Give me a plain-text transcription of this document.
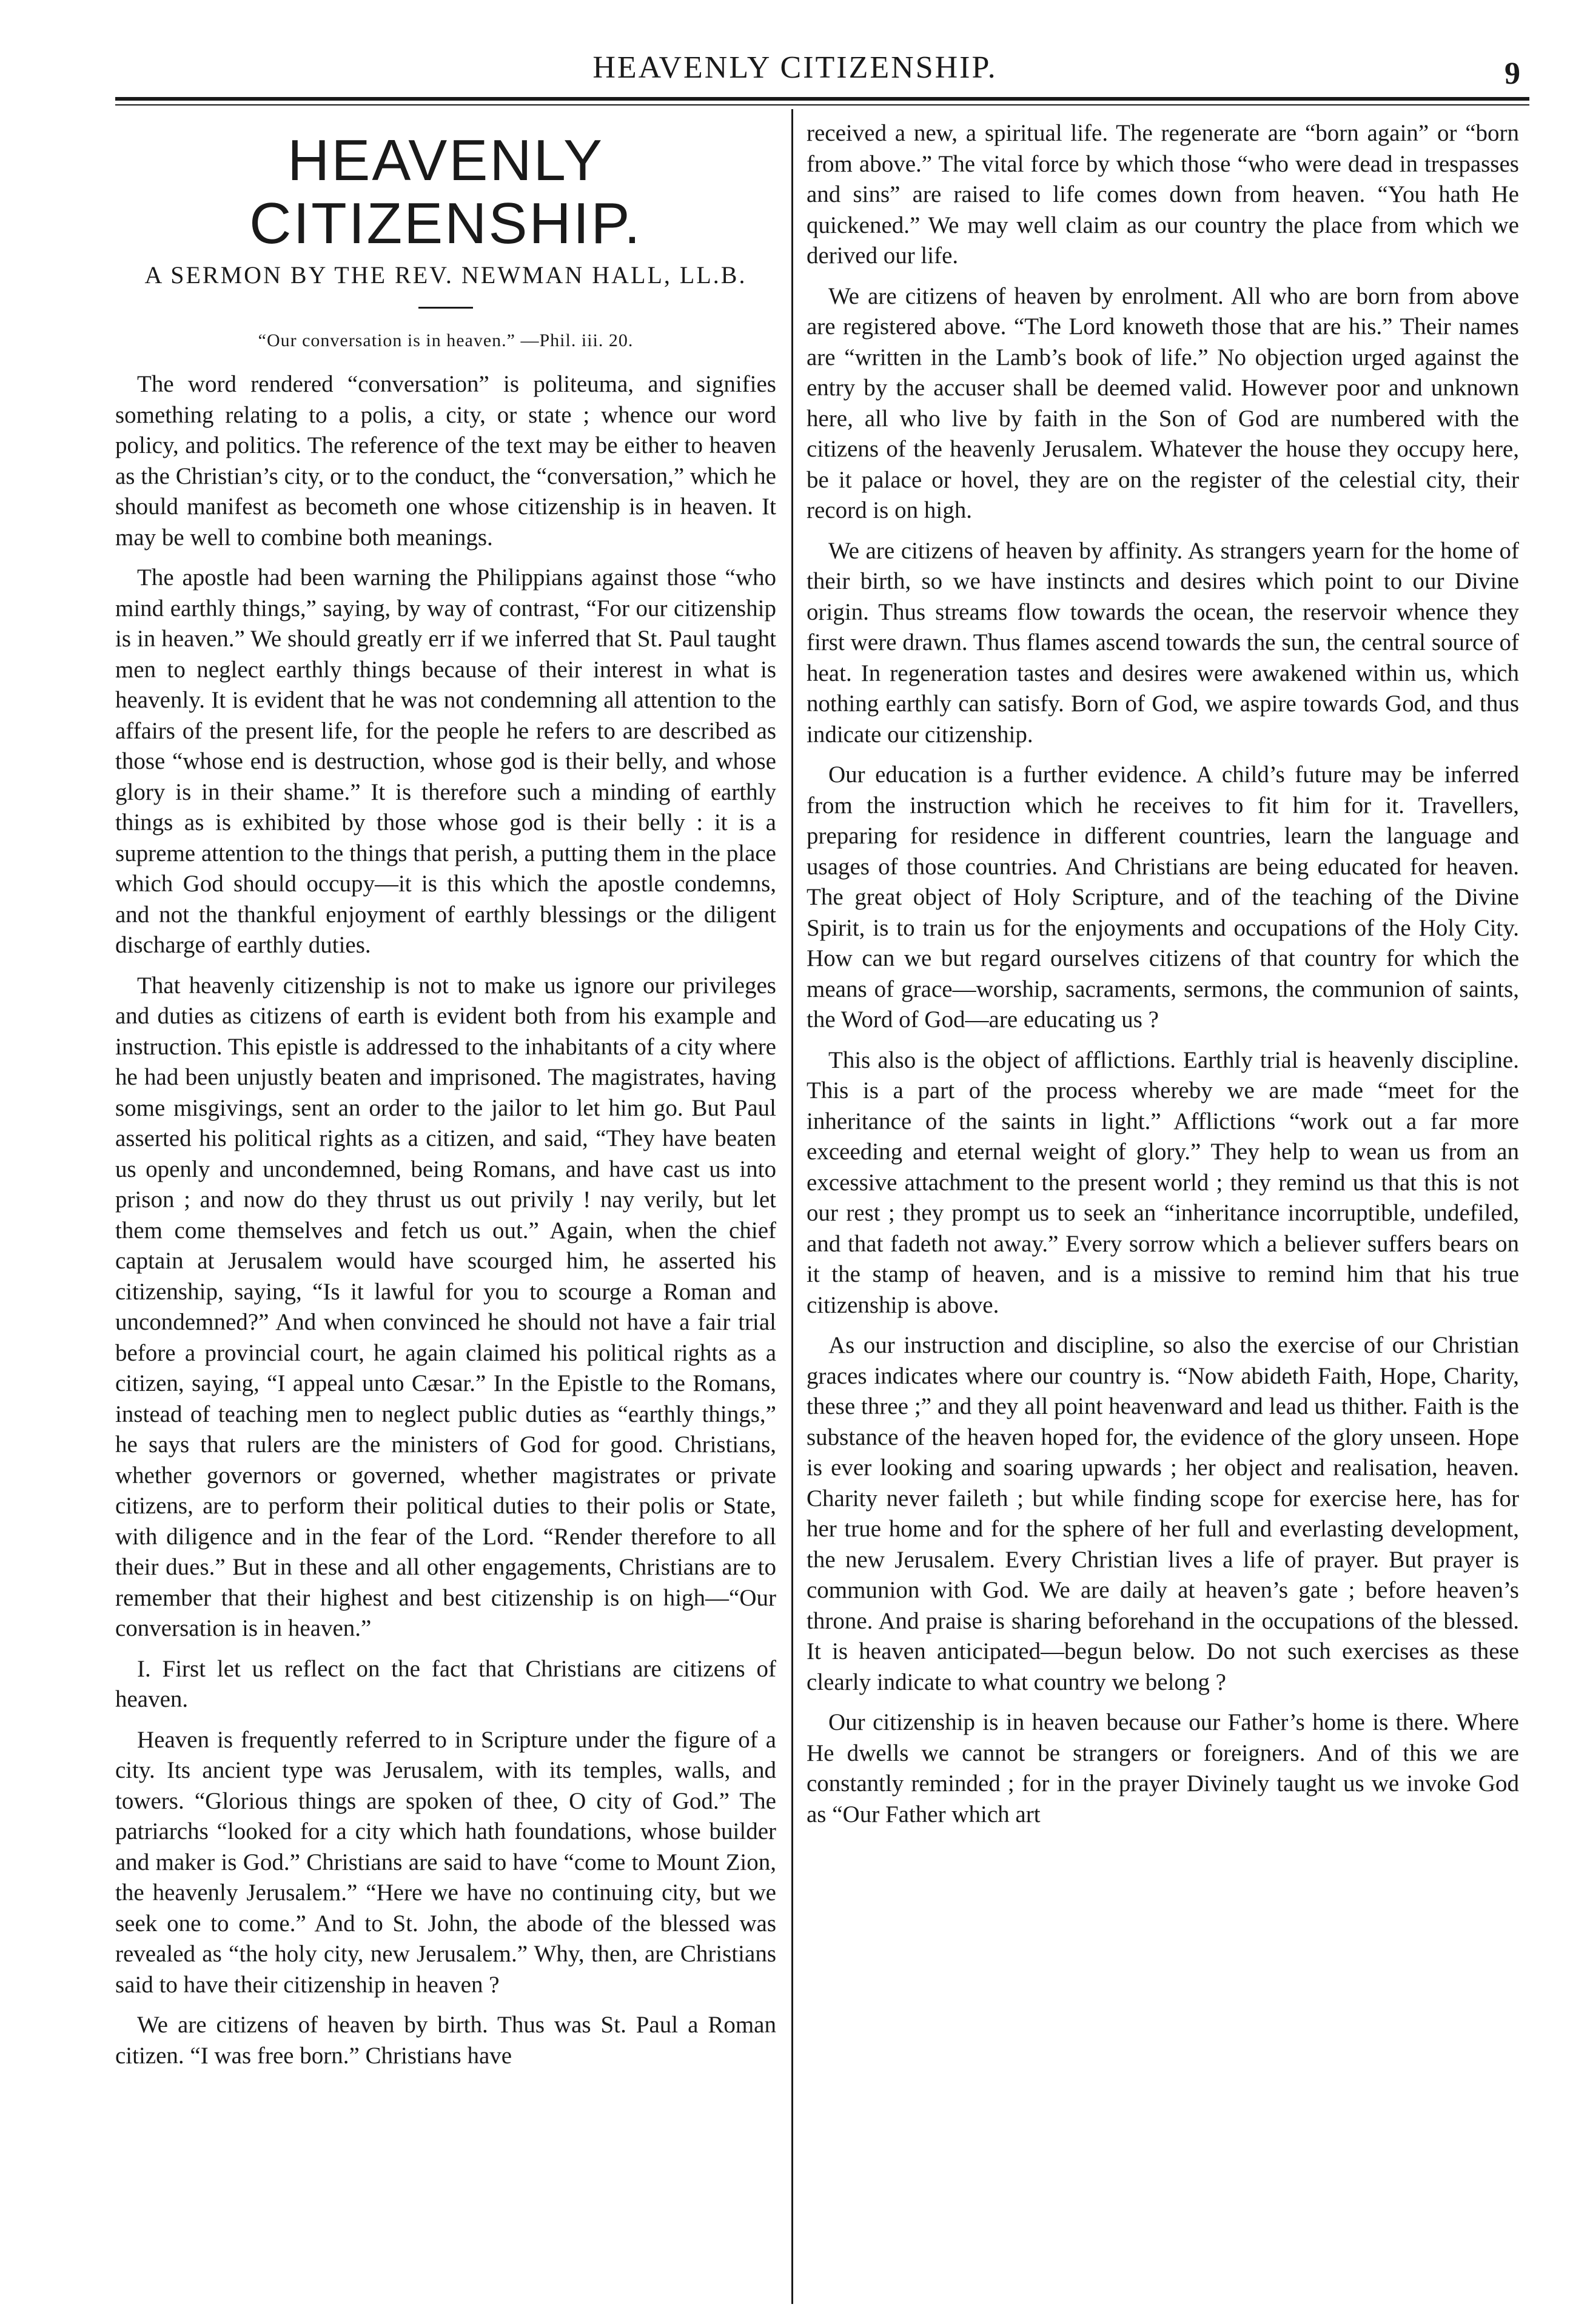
HEAVENLY CITIZENSHIP.	9
HEAVENLY CITIZENSHIP.
A SERMON BY THE REV. NEWMAN HALL, LL.B.
“Our conversation is in heaven.” —Phil. iii. 20.

The word rendered “conversation” is politeuma, and signifies something relating to a polis, a city, or state ; whence our word policy, and politics. The reference of the text may be either to heaven as the Christian’s city, or to the conduct, the “conversation,” which he should manifest as becometh one whose citizenship is in heaven. It may be well to combine both meanings.

The apostle had been warning the Philippians against those “who mind earthly things,” saying, by way of contrast, “For our citizenship is in heaven.” We should greatly err if we inferred that St. Paul taught men to neglect earthly things because of their interest in what is heavenly. It is evident that he was not condemning all attention to the affairs of the present life, for the people he refers to are described as those “whose end is destruction, whose god is their belly, and whose glory is in their shame.” It is therefore such a minding of earthly things as is exhibited by those whose god is their belly : it is a supreme attention to the things that perish, a putting them in the place which God should occupy—it is this which the apostle condemns, and not the thankful enjoyment of earthly blessings or the diligent discharge of earthly duties.

That heavenly citizenship is not to make us ignore our privileges and duties as citizens of earth is evident both from his example and instruction. This epistle is addressed to the inhabitants of a city where he had been unjustly beaten and imprisoned. The magistrates, having some misgivings, sent an order to the jailor to let him go. But Paul asserted his political rights as a citizen, and said, “They have beaten us openly and uncondemned, being Romans, and have cast us into prison ; and now do they thrust us out privily ! nay verily, but let them come themselves and fetch us out.” Again, when the chief captain at Jerusalem would have scourged him, he asserted his citizenship, saying, “Is it lawful for you to scourge a Roman and uncondemned?” And when convinced he should not have a fair trial before a provincial court, he again claimed his political rights as a citizen, saying, “I appeal unto Cæsar.” In the Epistle to the Romans, instead of teaching men to neglect public duties as “earthly things,” he says that rulers are the ministers of God for good. Christians, whether governors or governed, whether magistrates or private citizens, are to perform their political duties to their polis or State, with diligence and in the fear of the Lord. “Render therefore to all their dues.” But in these and all other engagements, Christians are to remember that their highest and best citizenship is on high—“Our conversation is in heaven.”

I. First let us reflect on the fact that Christians are citizens of heaven.

Heaven is frequently referred to in Scripture under the figure of a city. Its ancient type was Jerusalem, with its temples, walls, and towers. “Glorious things are spoken of thee, O city of God.” The patriarchs “looked for a city which hath foundations, whose builder and maker is God.” Christians are said to have “come to Mount Zion, the heavenly Jerusalem.” “Here we have no continuing city, but we seek one to come.” And to St. John, the abode of the blessed was revealed as “the holy city, new Jerusalem.” Why, then, are Christians said to have their citizenship in heaven ?

We are citizens of heaven by birth. Thus was St. Paul a Roman citizen. “I was free born.” Christians have

received a new, a spiritual life. The regenerate are “born again” or “born from above.” The vital force by which those “who were dead in trespasses and sins” are raised to life comes down from heaven. “You hath He quickened.” We may well claim as our country the place from which we derived our life.

We are citizens of heaven by enrolment. All who are born from above are registered above. “The Lord knoweth those that are his.” Their names are “written in the Lamb’s book of life.” No objection urged against the entry by the accuser shall be deemed valid. However poor and unknown here, all who live by faith in the Son of God are numbered with the citizens of the heavenly Jerusalem. Whatever the house they occupy here, be it palace or hovel, they are on the register of the celestial city, their record is on high.

We are citizens of heaven by affinity. As strangers yearn for the home of their birth, so we have instincts and desires which point to our Divine origin. Thus streams flow towards the ocean, the reservoir whence they first were drawn. Thus flames ascend towards the sun, the central source of heat. In regeneration tastes and desires were awakened within us, which nothing earthly can satisfy. Born of God, we aspire towards God, and thus indicate our citizenship.

Our education is a further evidence. A child’s future may be inferred from the instruction which he receives to fit him for it. Travellers, preparing for residence in different countries, learn the language and usages of those countries. And Christians are being educated for heaven. The great object of Holy Scripture, and of the teaching of the Divine Spirit, is to train us for the enjoyments and occupations of the Holy City. How can we but regard ourselves citizens of that country for which the means of grace—worship, sacraments, sermons, the communion of saints, the Word of God—are educating us ?

This also is the object of afflictions. Earthly trial is heavenly discipline. This is a part of the process whereby we are made “meet for the inheritance of the saints in light.” Afflictions “work out a far more exceeding and eternal weight of glory.” They help to wean us from an excessive attachment to the present world ; they remind us that this is not our rest ; they prompt us to seek an “inheritance incorruptible, undefiled, and that fadeth not away.” Every sorrow which a believer suffers bears on it the stamp of heaven, and is a missive to remind him that his true citizenship is above.

As our instruction and discipline, so also the exercise of our Christian graces indicates where our country is. “Now abideth Faith, Hope, Charity, these three ;” and they all point heavenward and lead us thither. Faith is the substance of the heaven hoped for, the evidence of the glory unseen. Hope is ever looking and soaring upwards ; her object and realisation, heaven. Charity never faileth ; but while finding scope for exercise here, has for her true home and for the sphere of her full and everlasting development, the new Jerusalem. Every Christian lives a life of prayer. But prayer is communion with God. We are daily at heaven’s gate ; before heaven’s throne. And praise is sharing beforehand in the occupations of the blessed. It is heaven anticipated—begun below. Do not such exercises as these clearly indicate to what country we belong ?

Our citizenship is in heaven because our Father’s home is there. Where He dwells we cannot be strangers or foreigners. And of this we are constantly reminded ; for in the prayer Divinely taught us we invoke God as “Our Father which art
